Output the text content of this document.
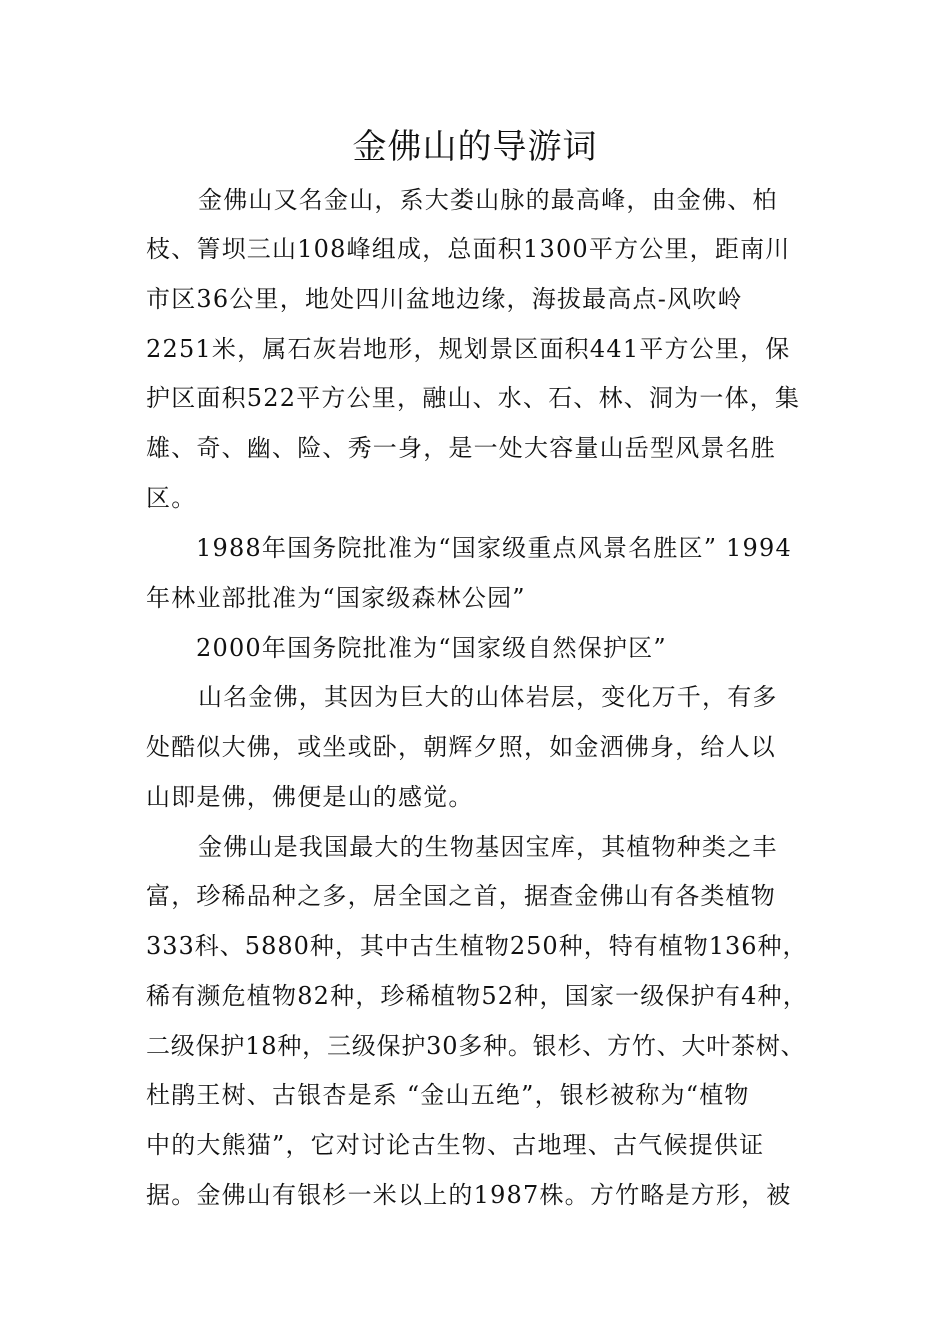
金佛山的导游词

金佛山又名金山，系大娄山脉的最高峰，由金佛、柏

枝、箐坝三山108峰组成，总面积1300平方公里，距南川

市区36公里，地处四川盆地边缘，海拔最高点-风吹岭

2251米，属石灰岩地形，规划景区面积441平方公里，保

护区面积522平方公里，融山、水、石、林、洞为一体，集

雄、奇、幽、险、秀一身，是一处大容量山岳型风景名胜

区。

1988年国务院批准为“国家级重点风景名胜区” 1994

年林业部批准为“国家级森林公园”

2000年国务院批准为“国家级自然保护区”

山名金佛，其因为巨大的山体岩层，变化万千，有多

处酷似大佛，或坐或卧，朝辉夕照，如金洒佛身，给人以

山即是佛，佛便是山的感觉。

金佛山是我国最大的生物基因宝库，其植物种类之丰

富，珍稀品种之多，居全国之首，据查金佛山有各类植物

333科、5880种，其中古生植物250种，特有植物136种，

稀有濒危植物82种，珍稀植物52种，国家一级保护有4种，

二级保护18种，三级保护30多种。银杉、方竹、大叶茶树、

杜鹃王树、古银杏是系 “金山五绝”，银杉被称为“植物

中的大熊猫”，它对讨论古生物、古地理、古气候提供证

据。金佛山有银杉一米以上的1987株。方竹略是方形，被
